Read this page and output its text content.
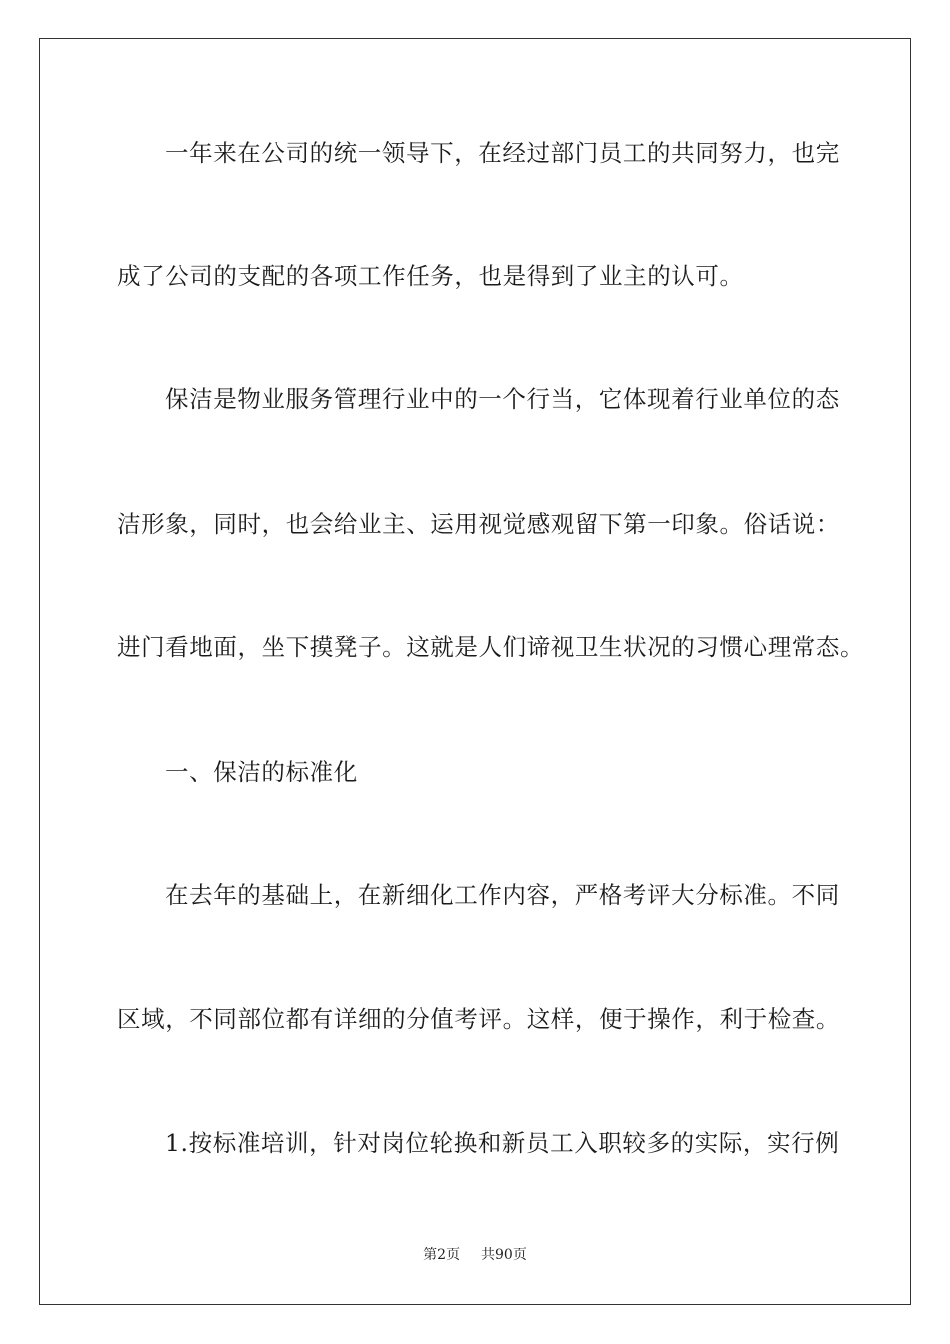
一年来在公司的统一领导下，在经过部门员工的共同努力，也完
成了公司的支配的各项工作任务，也是得到了业主的认可。
保洁是物业服务管理行业中的一个行当，它体现着行业单位的态
洁形象，同时，也会给业主、运用视觉感观留下第一印象。俗话说：
进门看地面，坐下摸凳子。这就是人们谛视卫生状况的习惯心理常态。
一、保洁的标准化
在去年的基础上，在新细化工作内容，严格考评大分标准。不同
区域，不同部位都有详细的分值考评。这样，便于操作，利于检查。
1.按标准培训，针对岗位轮换和新员工入职较多的实际，实行例
第2页 共90页
